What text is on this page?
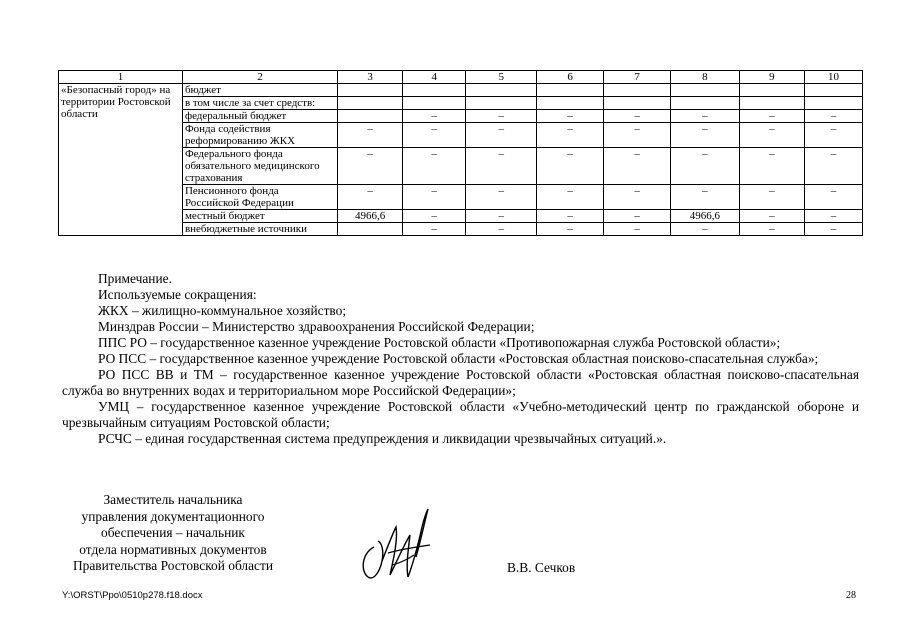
1	2	3	4	5	6	7	8	9	10
«Безопасный город» на территории Ростовской области	бюджет								
	в том числе за счет средств:								
	федеральный бюджет		–	–	–	–	–	–	–
	Фонда содействия реформированию ЖКХ	–	–	–	–	–	–	–	–
	Федерального фонда обязательного медицинского страхования	–	–	–	–	–	–	–	–
	Пенсионного фонда Российской Федерации	–	–	–	–	–	–	–	–
	местный бюджет	4966,6	–	–	–	–	4966,6	–	–
	внебюджетные источники		–	–	–	–	–	–	–

Примечание.

Используемые сокращения:

ЖКХ – жилищно-коммунальное хозяйство;

Минздрав России – Министерство здравоохранения Российской Федерации;

ППС РО – государственное казенное учреждение Ростовской области «Противопожарная служба Ростовской области»;

РО ПСС – государственное казенное учреждение Ростовской области «Ростовская областная поисково-спасательная служба»;

РО ПСС ВВ и ТМ – государственное казенное учреждение Ростовской области «Ростовская областная поисково-спасательная служба во внутренних водах и территориальном море Российской Федерации»;

УМЦ – государственное казенное учреждение Ростовской области «Учебно-методический центр по гражданской обороне и чрезвычайным ситуациям Ростовской области;

РСЧС – единая государственная система предупреждения и ликвидации чрезвычайных ситуаций.».

Заместитель начальника
управления документационного
обеспечения – начальник
отдела нормативных документов
Правительства Ростовской области	В.В. Сечков
Y:\ORST\Ppo\0510p278.f18.docx	28
